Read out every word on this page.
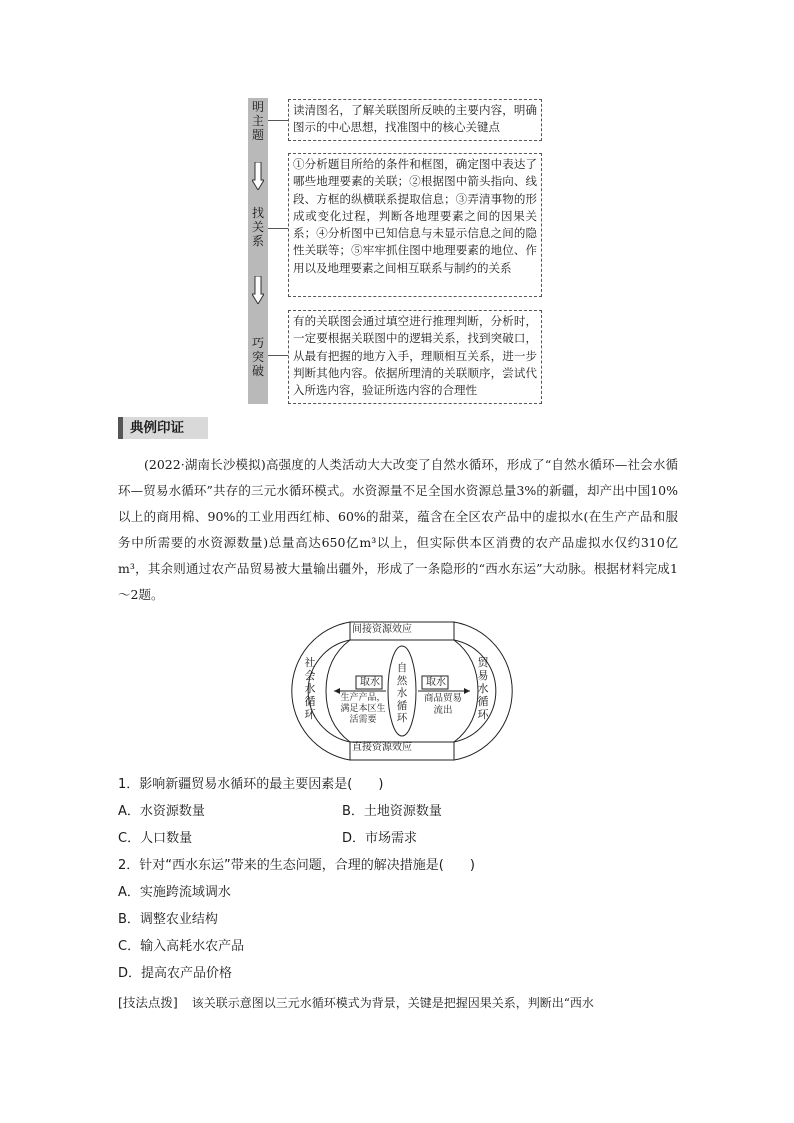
明主题
找关系
巧突破
读清图名，了解关联图所反映的主要内容，明确图示的中心思想，找准图中的核心关键点
①分析题目所给的条件和框图，确定图中表达了哪些地理要素的关联；②根据图中箭头指向、线段、方框的纵横联系提取信息；③弄清事物的形成或变化过程，判断各地理要素之间的因果关系；④分析图中已知信息与未显示信息之间的隐性关联等；⑤牢牢抓住图中地理要素的地位、作用以及地理要素之间相互联系与制约的关系
有的关联图会通过填空进行推理判断，分析时，一定要根据关联图中的逻辑关系，找到突破口，从最有把握的地方入手，理顺相互关系，进一步判断其他内容。依据所理清的关联顺序，尝试代入所选内容，验证所选内容的合理性
典例印证
(2022·湖南长沙模拟)高强度的人类活动大大改变了自然水循环，形成了“自然水循环—社会水循环—贸易水循环”共存的三元水循环模式。水资源量不足全国水资源总量3%的新疆，却产出中国10%以上的商用棉、90%的工业用西红柿、60%的甜菜，蕴含在全区农产品中的虚拟水(在生产产品和服务中所需要的水资源数量)总量高达650亿m³以上，但实际供本区消费的农产品虚拟水仅约310亿m³，其余则通过农产品贸易被大量输出疆外，形成了一条隐形的“西水东运”大动脉。根据材料完成1～2题。
间接资源效应
直接资源效应
社会水循环
贸易水循环
自然水循环
取水	取水
生产产品，
满足本区生
活需要
商品贸易
流出
1．影响新疆贸易水循环的最主要因素是(　　)
A．水资源数量	B．土地资源数量
C．人口数量	D．市场需求
2．针对“西水东运”带来的生态问题，合理的解决措施是(　　)
A．实施跨流域调水
B．调整农业结构
C．输入高耗水农产品
D．提高农产品价格
[技法点拨] 该关联示意图以三元水循环模式为背景，关键是把握因果关系，判断出“西水
